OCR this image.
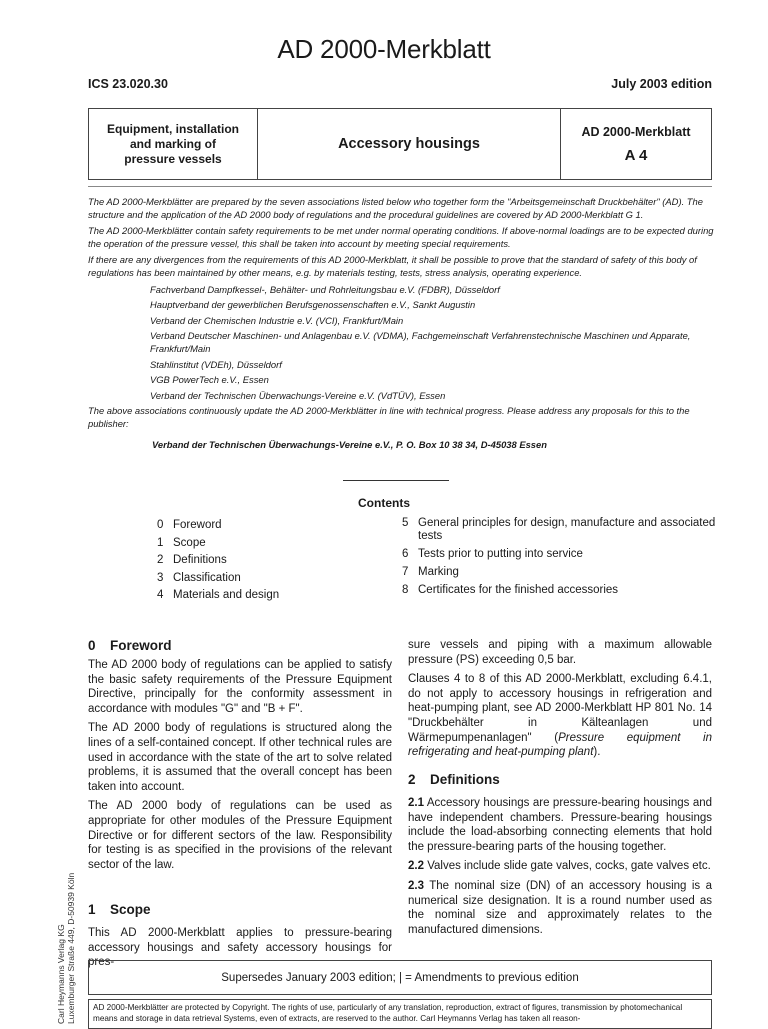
AD 2000-Merkblatt
ICS 23.020.30	July 2003 edition
Equipment, installation
and marking of
pressure vessels
Accessory housings
AD 2000-Merkblatt
A 4

The AD 2000-Merkblätter are prepared by the seven associations listed below who together form the "Arbeitsgemeinschaft Druckbehälter" (AD). The structure and the application of the AD 2000 body of regulations and the procedural guidelines are covered by AD 2000-Merkblatt G 1.

The AD 2000-Merkblätter contain safety requirements to be met under normal operating conditions. If above-normal loadings are to be expected during the operation of the pressure vessel, this shall be taken into account by meeting special requirements.

If there are any divergences from the requirements of this AD 2000-Merkblatt, it shall be possible to prove that the standard of safety of this body of regulations has been maintained by other means, e.g. by materials testing, tests, stress analysis, operating experience.

Fachverband Dampfkessel-, Behälter- und Rohrleitungsbau e.V. (FDBR), Düsseldorf

Hauptverband der gewerblichen Berufsgenossenschaften e.V., Sankt Augustin

Verband der Chemischen Industrie e.V. (VCI), Frankfurt/Main

Verband Deutscher Maschinen- und Anlagenbau e.V. (VDMA), Fachgemeinschaft Verfahrenstechnische Maschinen und Apparate, Frankfurt/Main

Stahlinstitut (VDEh), Düsseldorf

VGB PowerTech e.V., Essen

Verband der Technischen Überwachungs-Vereine e.V. (VdTÜV), Essen

The above associations continuously update the AD 2000-Merkblätter in line with technical progress. Please address any proposals for this to the publisher:

Verband der Technischen Überwachungs-Vereine e.V., P. O. Box 10 38 34, D-45038 Essen

Contents
0 Foreword
1 Scope
2 Definitions
3 Classification
4 Materials and design
5 General principles for design, manufacture and associated tests
6 Tests prior to putting into service
7 Marking
8 Certificates for the finished accessories
0 Foreword

The AD 2000 body of regulations can be applied to satisfy the basic safety requirements of the Pressure Equipment Directive, principally for the conformity assessment in accordance with modules "G" and "B + F".

The AD 2000 body of regulations is structured along the lines of a self-contained concept. If other technical rules are used in accordance with the state of the art to solve related problems, it is assumed that the overall concept has been taken into account.

The AD 2000 body of regulations can be used as appropriate for other modules of the Pressure Equipment Directive or for different sectors of the law. Responsibility for testing is as specified in the provisions of the relevant sector of the law.

1 Scope

This AD 2000-Merkblatt applies to pressure-bearing accessory housings and safety accessory housings for pres-

sure vessels and piping with a maximum allowable pressure (PS) exceeding 0,5 bar.

Clauses 4 to 8 of this AD 2000-Merkblatt, excluding 6.4.1, do not apply to accessory housings in refrigeration and heat-pumping plant, see AD 2000-Merkblatt HP 801 No. 14 "Druckbehälter in Kälteanlagen und Wärmepumpenanlagen" (Pressure equipment in refrigerating and heat-pumping plant).

2 Definitions

2.1 Accessory housings are pressure-bearing housings and have independent chambers. Pressure-bearing housings include the load-absorbing connecting elements that hold the pressure-bearing parts of the housing together.

2.2 Valves include slide gate valves, cocks, gate valves etc.

2.3 The nominal size (DN) of an accessory housing is a numerical size designation. It is a round number used as the nominal size and approximately relates to the manufactured dimensions.

Supersedes January 2003 edition; | = Amendments to previous edition
AD 2000-Merkblätter are protected by Copyright. The rights of use, particularly of any translation, reproduction, extract of figures, transmission by photomechanical means and storage in data retrieval Systems, even of extracts, are reserved to the author. Carl Heymanns Verlag has taken all reason-
Carl Heymanns Verlag KG Luxemburger Straße 449, D-50939 Köln
